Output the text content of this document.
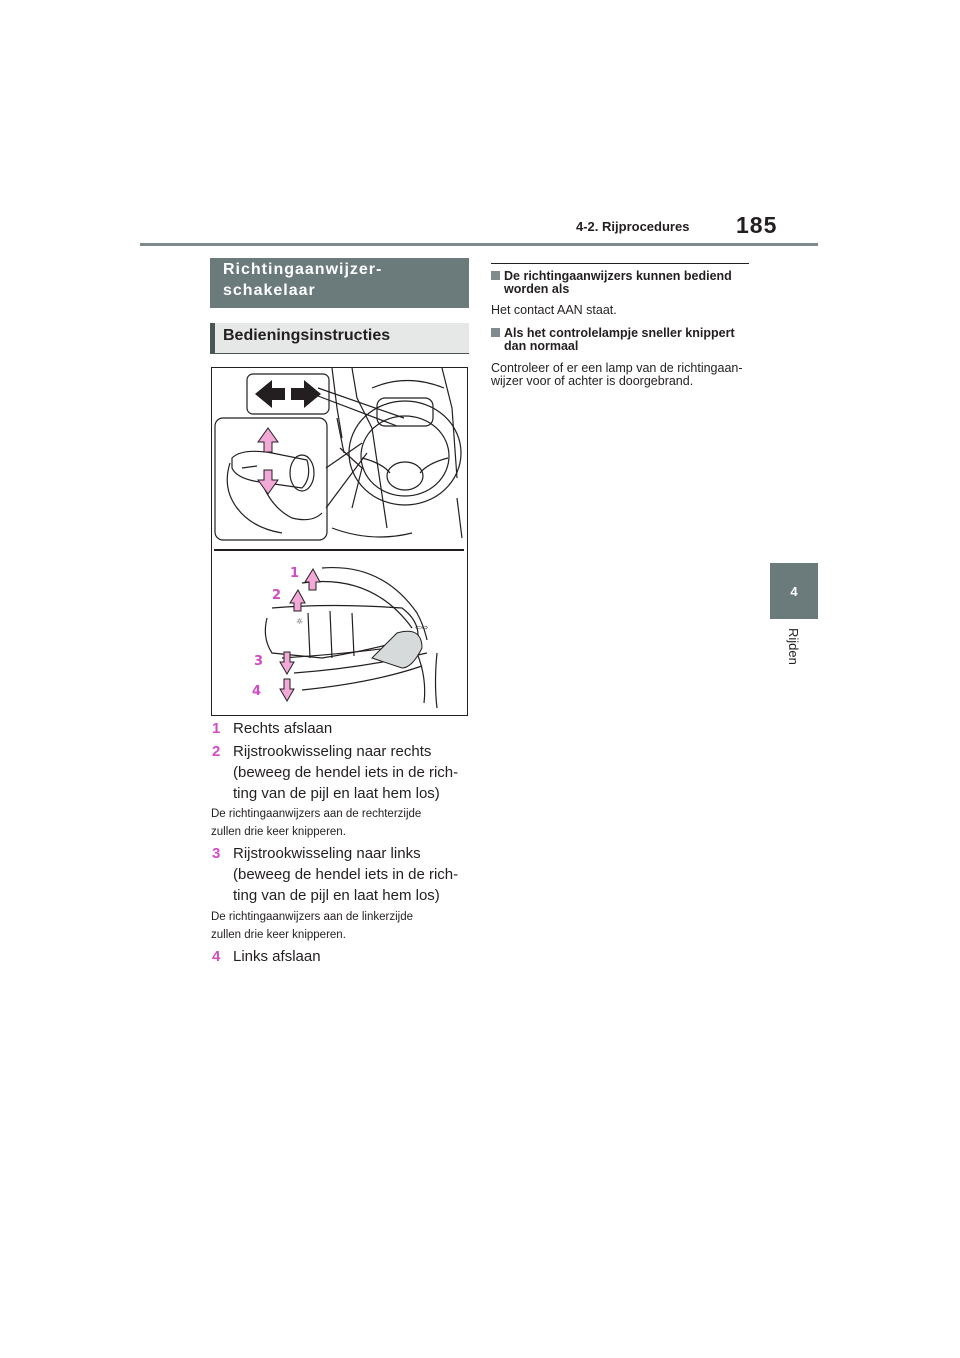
4-2. Rijprocedures 185
4
Rijden
Richtingaanwijzer-
schakelaar
Bedieningsinstructies
☼
⇦⇨
1
2
3
4
1 Rechts afslaan
2 Rijstrookwisseling naar rechts
(beweeg de hendel iets in de rich-
ting van de pijl en laat hem los)
De richtingaanwijzers aan de rechterzijde
zullen drie keer knipperen.
3 Rijstrookwisseling naar links
(beweeg de hendel iets in de rich-
ting van de pijl en laat hem los)
De richtingaanwijzers aan de linkerzijde
zullen drie keer knipperen.
4 Links afslaan
De richtingaanwijzers kunnen bediend
worden als
Het contact AAN staat.
Als het controlelampje sneller knippert
dan normaal
Controleer of er een lamp van de richtingaan-
wijzer voor of achter is doorgebrand.
